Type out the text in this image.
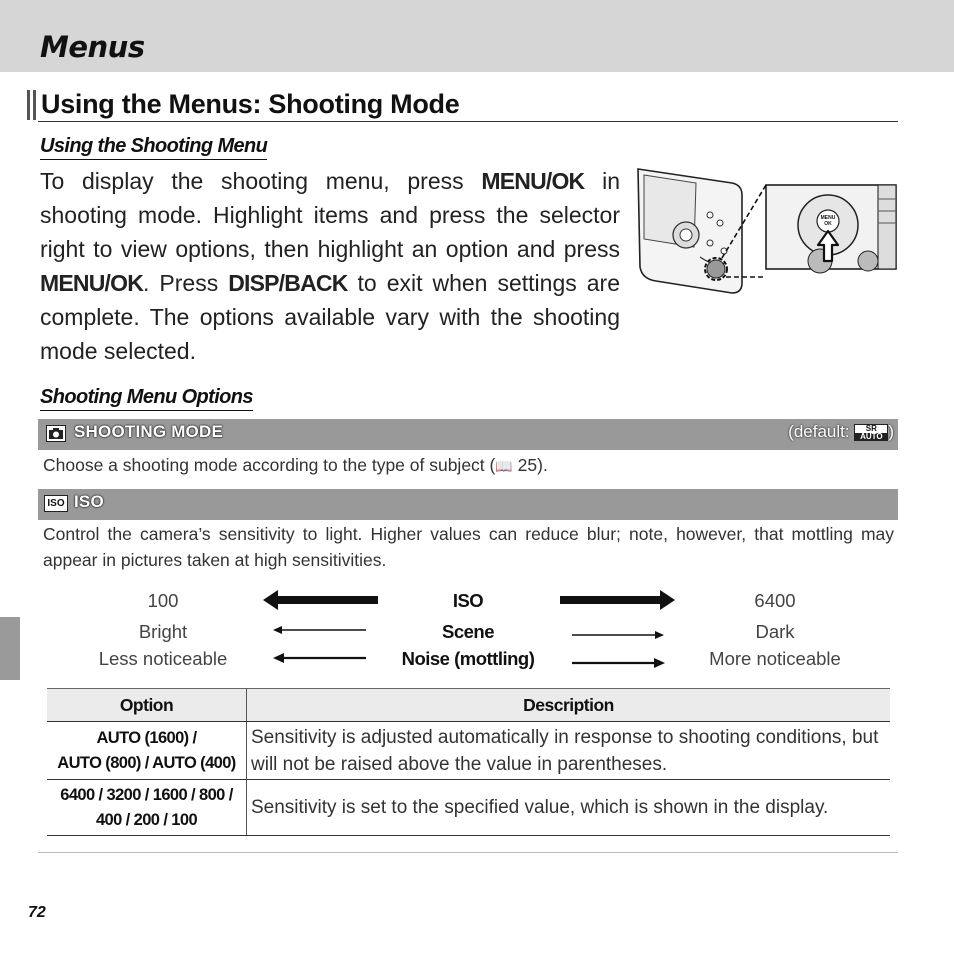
Menus
Using the Menus: Shooting Mode
Using the Shooting Menu
To display the shooting menu, press MENU/OK in shooting mode. Highlight items and press the selector right to view options, then highlight an option and press MENU/OK. Press DISP/BACK to exit when settings are complete. The options available vary with the shooting mode selected.
MENU
OK
Shooting Menu Options
SHOOTING MODE	(default:	SR
AUTO )
Choose a shooting mode according to the type of subject (📖 25).
ISO ISO
Control the camera’s sensitivity to light. Higher values can reduce blur; note, however, that mottling may appear in pictures taken at high sensitivities.
100	ISO	6400
Bright	Scene	Dark
Less noticeable	Noise (mottling)	More noticeable
Option	Description

AUTO (1600) /
AUTO (800) / AUTO (400)	Sensitivity is adjusted automatically in response to shooting conditions, but will not be raised above the value in parentheses.

6400 / 3200 / 1600 / 800 /
400 / 200 / 100	Sensitivity is set to the specified value, which is shown in the display.
72
